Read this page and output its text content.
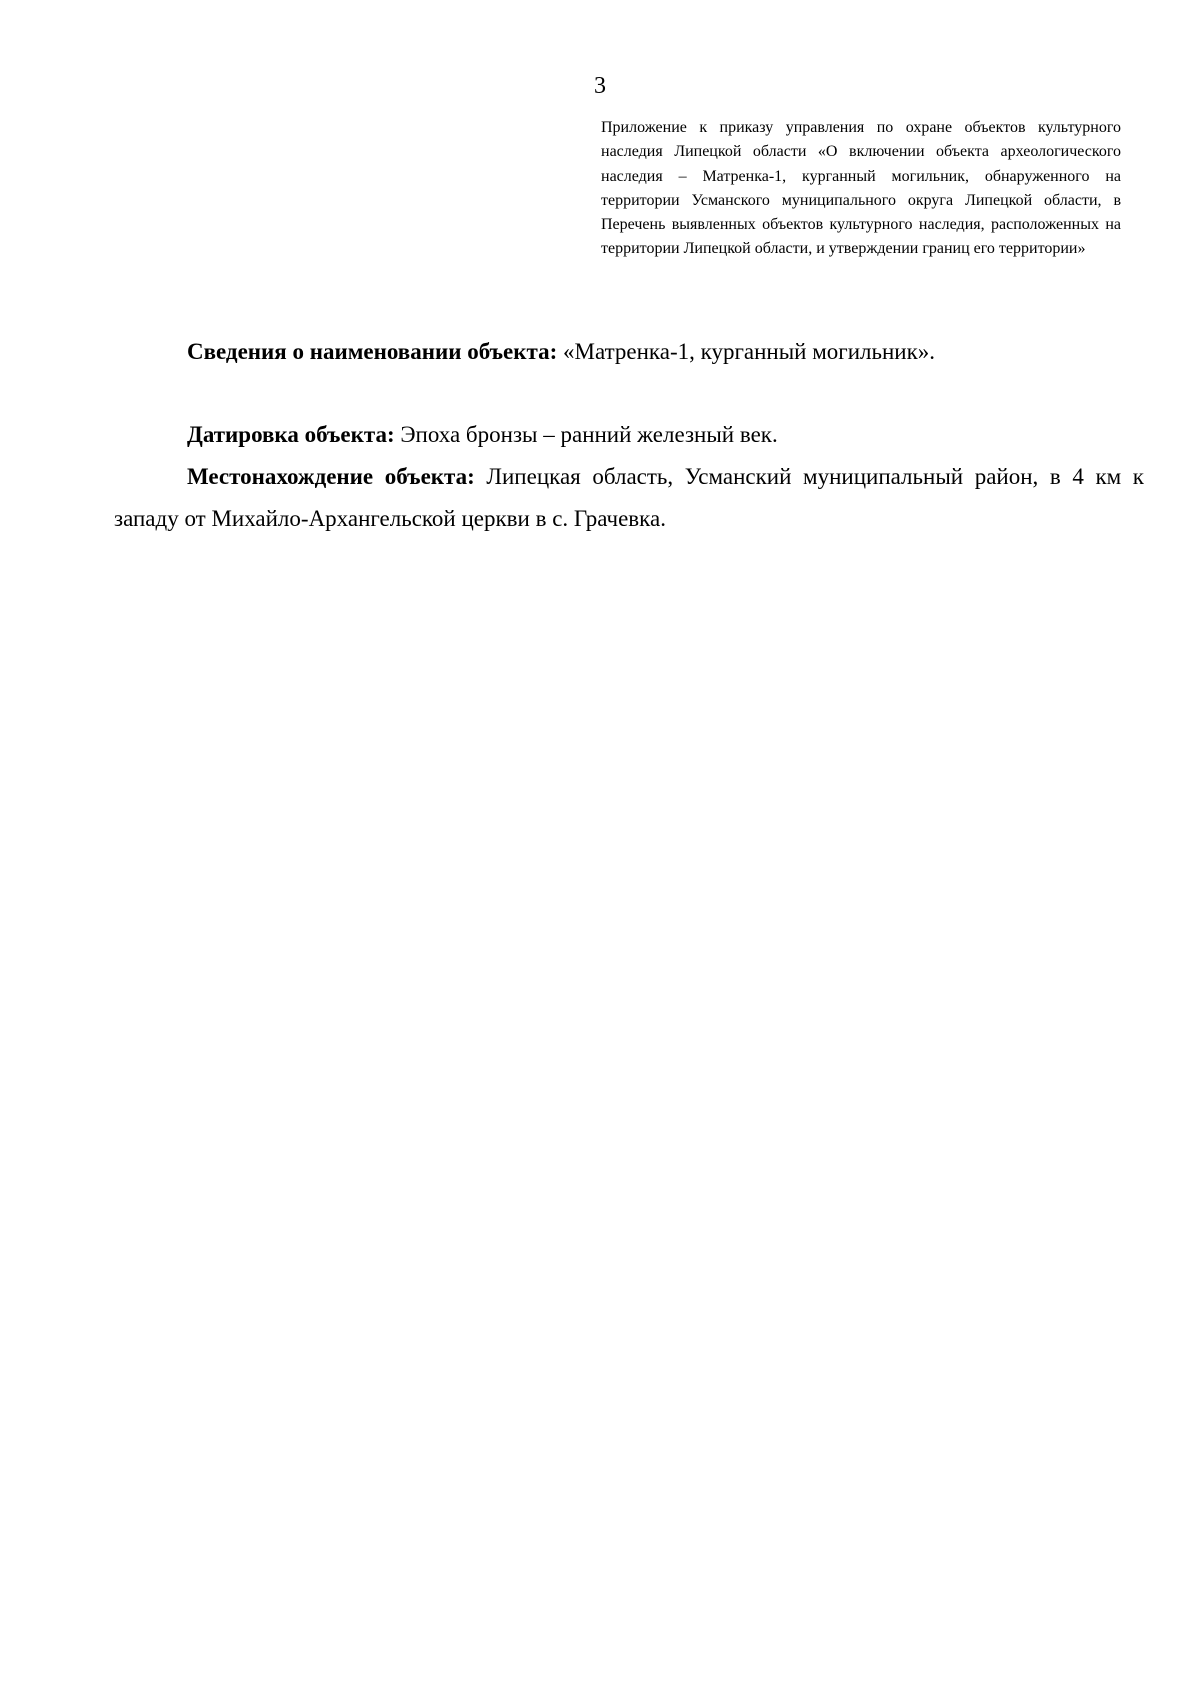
3
Приложение к приказу управления по охране объектов культурного наследия Липецкой области «О включении объекта археологического наследия – Матренка-1, курганный могильник, обнаруженного на территории Усманского муниципального округа Липецкой области, в Перечень выявленных объектов культурного наследия, расположенных на территории Липецкой области, и утверждении границ его территории»

Сведения о наименовании объекта: «Матренка-1, курганный могильник».

Датировка объекта: Эпоха бронзы – ранний железный век.

Местонахождение объекта: Липецкая область, Усманский муниципальный район, в 4 км к западу от Михайло-Архангельской церкви в с. Грачевка.
